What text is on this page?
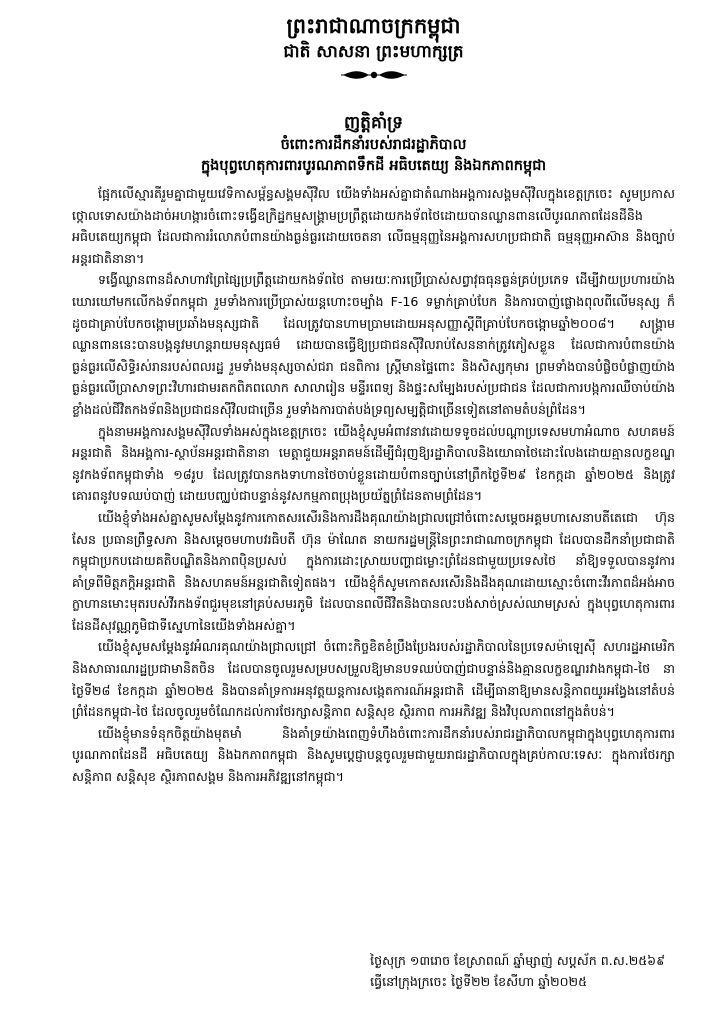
ព្រះរាជាណាចក្រកម្ពុជា
ជាតិ សាសនា ព្រះមហាក្សត្រ
ញត្តិគាំទ្រ
ចំពោះការដឹកនាំរបស់រាជរដ្ឋាភិបាល
ក្នុងបុព្វហេតុការពារបូរណភាពទឹកដី អធិបតេយ្យ និងឯកភាពកម្ពុជា

ផ្អែកលើស្មារតីរួមគ្នាជាមួយវេទិកាសម្ព័ន្ធសង្គមស៊ីវិល យើងទាំងអស់គ្នាជាតំណាងអង្គការសង្គមស៊ីវិលក្នុងខេត្តក្រចេះ សូមប្រកាសថ្កោលទោសយ៉ាងដាច់អហង្ការចំពោះទង្វើឧក្រិដ្ឋកម្មសង្គ្រាមប្រព្រឹត្តដោយកងទ័ពថៃដោយបានឈ្លានពានលើបូរណភាពដែនដីនិងអធិបតេយ្យកម្ពុជា ដែលជាការរំលោភបំពានយ៉ាងធ្ងន់ធ្ងរដោយចេតនា លើធម្មនុញ្ញនៃអង្គការសហប្រជាជាតិ ធម្មនុញ្ញអាស៊ាន និងច្បាប់អន្តរជាតិនានា។

ទង្វើឈ្លានពានដ៏សាហាវព្រៃផ្សៃប្រព្រឹត្តដោយកងទ័ពថៃ តាមរយៈការប្រើប្រាស់សព្វាវុធធុនធ្ងន់គ្រប់ប្រភេទ ដើម្បីវាយប្រហារយ៉ាងឃោរឃៅមកលើកងទ័ពកម្ពុជា រួមទាំងការប្រើប្រាស់យន្តហោះចម្បាំង F-16 ទម្លាក់គ្រាប់បែក និងការបាញ់ផ្លោងពុលពីលើមនុស្ស ក៏ដូចជាគ្រាប់បែកចង្កោមប្រឆាំងមនុស្សជាតិ ដែលត្រូវបានហាមប្រាមដោយអនុសញ្ញាស្តីពីគ្រាប់បែកចង្កោមឆ្នាំ២០០៨។ សង្គ្រាមឈ្លានពាននេះបានបង្កនូវមហន្តរាយមនុស្សធម៌ ដោយបានធ្វើឱ្យប្រជាជនស៊ីវិលរាប់សែននាក់ត្រូវភៀសខ្លួន ដែលជាការបំពានយ៉ាងធ្ងន់ធ្ងរលើសិទ្ធិរស់រានរបស់ពលរដ្ឋ រួមទាំងមនុស្សចាស់ជរា ជនពិការ ស្ត្រីមានផ្ទៃពោះ និងសិស្សកុមារ ព្រមទាំងបានបំផ្លិចបំផ្លាញយ៉ាងធ្ងន់ធ្ងរលើប្រាសាទព្រះវិហារជាមរតកពិភពលោក សាលារៀន មន្ទីរពេទ្យ និងផ្ទះសម្បែងរបស់ប្រជាជន ដែលជាការបង្កការឈឺចាប់យ៉ាងខ្លាំងដល់ជីវិតកងទ័ពនិងប្រជាជនស៊ីវិលជាច្រើន រួមទាំងការបាត់បង់ទ្រព្យសម្បត្តិជាច្រើនទៀតនៅតាមតំបន់ព្រំដែន។

ក្នុងនាមអង្គការសង្គមស៊ីវិលទាំងអស់ក្នុងខេត្តក្រចេះ យើងខ្ញុំសូមអំពាវនាវដោយទទូចដល់បណ្តាប្រទេសមហាអំណាច សហគមន៍អន្តរជាតិ និងអង្គការ-ស្ថាប័នអន្តរជាតិនានា មេត្តាជួយអន្តរាគមន៍ដើម្បីជំរុញឱ្យរដ្ឋាភិបាលនិងយោធាថៃដោះលែងដោយគ្មានលក្ខខណ្ឌនូវកងទ័ពកម្ពុជាទាំង ១៨រូប ដែលត្រូវបានកងទាហានថៃចាប់ខ្លួនដោយបំពានច្បាប់នៅព្រឹកថ្ងៃទី២៩ ខែកក្កដា ឆ្នាំ២០២៥ និងត្រូវគោរពនូវបទឈប់បាញ់ ដោយបញ្ឈប់ជាបន្ទាន់នូវសកម្មភាពប្រុងប្រយ័ត្នព្រំដែនតាមព្រំដែន។

យើងខ្ញុំទាំងអស់គ្នាសូមសម្តែងនូវការកោតសរសើរនិងការដឹងគុណយ៉ាងជ្រាលជ្រៅចំពោះសម្តេចអគ្គមហាសេនាបតីតេជោ ហ៊ុន សែន ប្រធានព្រឹទ្ធសភា និងសម្តេចមហាបវរធិបតី ហ៊ុន ម៉ាណែត នាយករដ្ឋមន្ត្រីនៃព្រះរាជាណាចក្រកម្ពុជា ដែលបានដឹកនាំប្រជាជាតិកម្ពុជាប្រកបដោយគតិបណ្ឌិតនិងភាពប៉ិនប្រសប់ ក្នុងការដោះស្រាយបញ្ហាជម្លោះព្រំដែនជាមួយប្រទេសថៃ នាំឱ្យទទួលបាននូវការគាំទ្រពីមិត្តភក្តិអន្តរជាតិ និងសហគមន៍អន្តរជាតិទៀតផង។ យើងខ្ញុំក៏សូមកោតសរសើរនិងដឹងគុណដោយស្មោះចំពោះវីរភាពដ៏អង់អាចក្លាហានមោះមុតរបស់វីរកងទ័ពជួរមុខនៅគ្រប់សមរភូមិ ដែលបានពលីជីវិតនិងបានលះបង់សាច់ស្រស់ឈាមស្រស់ ក្នុងបុព្វហេតុការពារដែនដីសុវណ្ណភូមិជាទីស្នេហានៃយើងទាំងអស់គ្នា។

យើងខ្ញុំសូមសម្តែងនូវអំណរគុណយ៉ាងជ្រាលជ្រៅ ចំពោះកិច្ចខិតខំប្រឹងប្រែងរបស់រដ្ឋាភិបាលនៃប្រទេសម៉ាឡេស៊ី សហរដ្ឋអាមេរិក និងសាធារណរដ្ឋប្រជាមានិតចិន ដែលបានចូលរួមសម្របសម្រួលឱ្យមានបទឈប់បាញ់ជាបន្ទាន់និងគ្មានលក្ខខណ្ឌរវាងកម្ពុជា-ថៃ នាថ្ងៃទី២៨ ខែកក្កដា ឆ្នាំ២០២៥ និងបានគាំទ្រការអនុវត្តយន្តការសង្កេតការណ៍អន្តរជាតិ ដើម្បីធានាឱ្យមានសន្តិភាពយូរអង្វែងនៅតំបន់ព្រំដែនកម្ពុជា-ថៃ ដែលចូលរួមចំណែកដល់ការថែរក្សាសន្តិភាព សន្តិសុខ ស្ថិរភាព ការអភិវឌ្ឍ និងវិបុលភាពនៅក្នុងតំបន់។

យើងខ្ញុំមានទំនុកចិត្តយ៉ាងមុតមាំ និងគាំទ្រយ៉ាងពេញទំហឹងចំពោះការដឹកនាំរបស់រាជរដ្ឋាភិបាលកម្ពុជាក្នុងបុព្វហេតុការពារបូរណភាពដែនដី អធិបតេយ្យ និងឯកភាពកម្ពុជា និងសូមប្តេជ្ញាបន្តចូលរួមជាមួយរាជរដ្ឋាភិបាលក្នុងគ្រប់កាលៈទេសៈ ក្នុងការថែរក្សាសន្តិភាព សន្តិសុខ ស្ថិរភាពសង្គម និងការអភិវឌ្ឍនៅកម្ពុជា។

ថ្ងៃសុក្រ ១៣រោច ខែស្រាពណ៍ ឆ្នាំម្សាញ់ សប្តស័ក ព.ស.២៥៦៩
ធ្វើនៅក្រុងក្រចេះ ថ្ងៃទី២២ ខែសីហា ឆ្នាំ២០២៥
